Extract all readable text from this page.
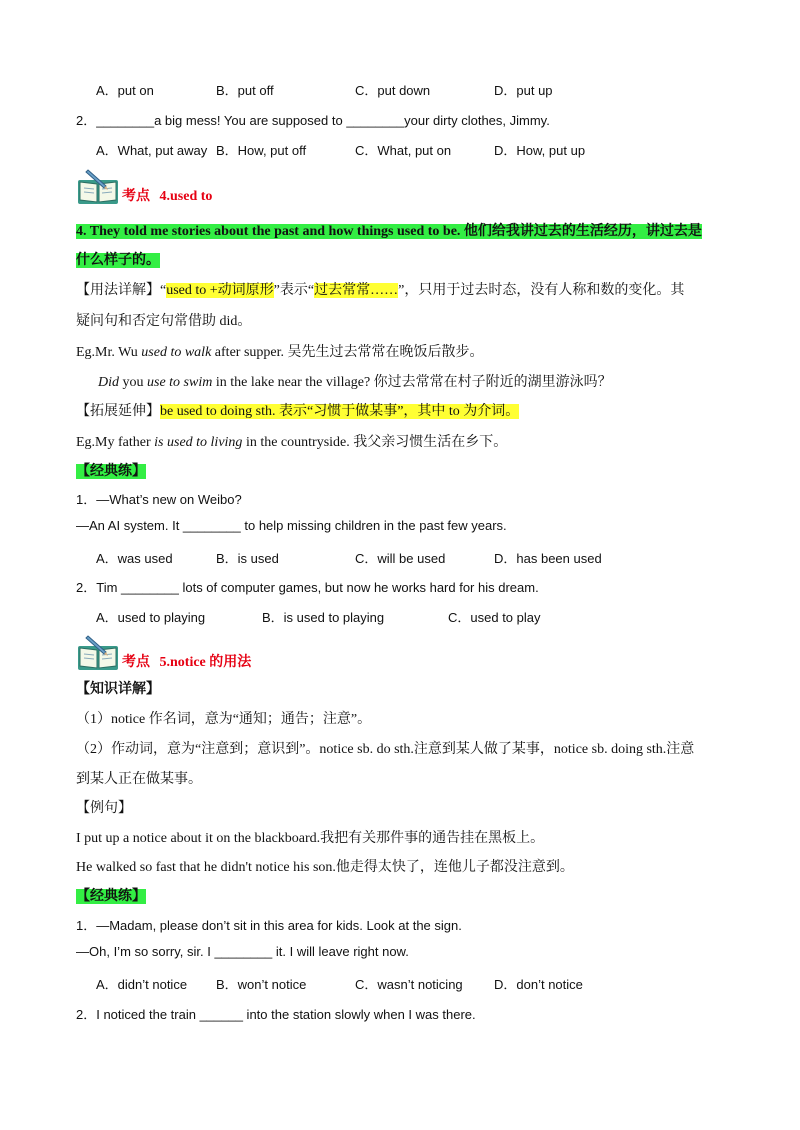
A．put on	B．put off	C．put down	D．put up
2．________a big mess! You are supposed to ________your dirty clothes, Jimmy.
A．What, put away B．How, put off	C．What, put on	D．How, put up
考点 4.used to
4. They told me stories about the past and how things used to be. 他们给我讲过去的生活经历，讲过去是
什么样子的。
【用法详解】“used to +动词原形”表示“过去常常……”，只用于过去时态，没有人称和数的变化。其
疑问句和否定句常借助 did。
Eg.Mr. Wu used to walk after supper. 吴先生过去常常在晚饭后散步。
Did you use to swim in the lake near the village? 你过去常常在村子附近的湖里游泳吗？
【拓展延伸】be used to doing sth. 表示“习惯于做某事”，其中 to 为介词。
Eg.My father is used to living in the countryside. 我父亲习惯生活在乡下。
【经典练】
1．—What’s new on Weibo?
—An AI system. It ________ to help missing children in the past few years.
A．was used	B．is used	C．will be used	D．has been used
2．Tim ________ lots of computer games, but now he works hard for his dream.
A．used to playing	B．is used to playing	C．used to play
考点 5.notice 的用法
【知识详解】
（1）notice 作名词，意为“通知；通告；注意”。
（2）作动词，意为“注意到；意识到”。notice sb. do sth.注意到某人做了某事，notice sb. doing sth.注意
到某人正在做某事。
【例句】
I put up a notice about it on the blackboard.我把有关那件事的通告挂在黑板上。
He walked so fast that he didn't notice his son.他走得太快了，连他儿子都没注意到。
【经典练】
1．—Madam, please don’t sit in this area for kids. Look at the sign.
—Oh, I’m so sorry, sir. I ________ it. I will leave right now.
A．didn’t notice B．won’t notice	C．wasn’t noticing D．don’t notice
2．I noticed the train ______ into the station slowly when I was there.
